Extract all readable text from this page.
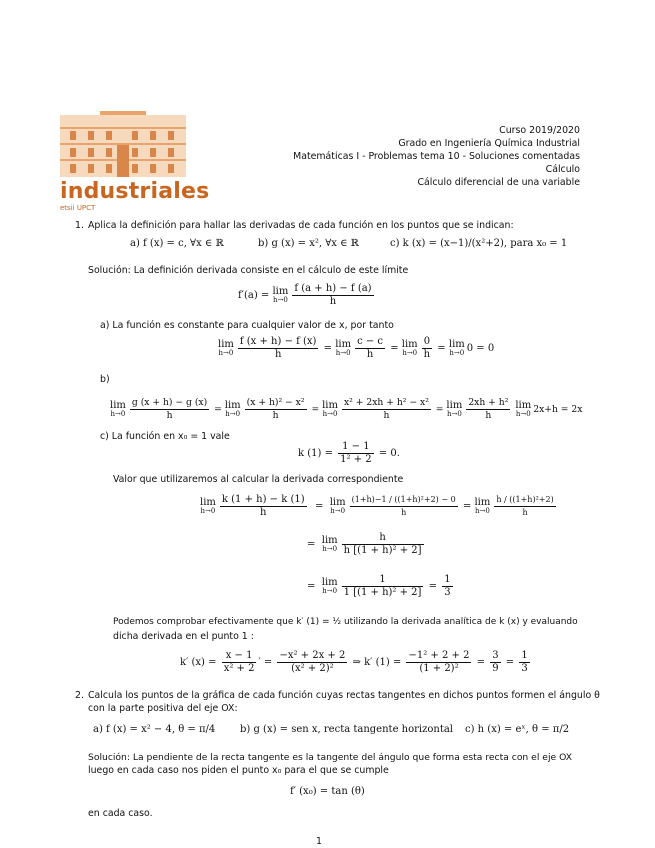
industriales
etsii UPCT
Curso 2019/2020
Grado en Ingeniería Química Industrial
Matemáticas I - Problemas tema 10 - Soluciones comentadas
Cálculo
Cálculo diferencial de una variable
1. Aplica la definición para hallar las derivadas de cada función en los puntos que se indican:
a) f (x) = c, ∀x ∈ ℝ	b) g (x) = x², ∀x ∈ ℝ	c) k (x) = (x−1)/(x²+2), para x₀ = 1
Solución: La definición derivada consiste en el cálculo de este límite
f′(a) = lim
$h\to 0 \frac{f (a + h) - f (a)}{h}$
a) La función es constante para cualquier valor de x, por tanto
lim
$h\to 0 \frac{f (x + h) - f (x)}{h} = \lim$
$h\to 0 \frac{c - c}{h} = \lim$
$h\to 0 \frac{0}{h} = \lim$
h→0 0 = 0
b)
lim
$h\to 0 \frac{g (x + h) - g (x)}{h} = \lim$
$h\to 0 \frac{\text{(x + h)² − x²}}{h} = \lim$
$h\to 0 \frac{\text{x² + 2xh + h² − x²}}{h} = \lim$
$h\to 0 \frac{\text{2xh + h²}}{h}$
lim
h→0 2x+h = 2x
c) La función en x₀ = 1 vale
k $(1) = \frac{1 - 1}{\text{1² + 2}} = 0$.
Valor que utilizaremos al calcular la derivada correspondiente
lim
$h\to 0 \frac{k (1 + h) - k (1)}{h} = \lim$
$h\to 0 \frac{\text{(1+h)−1 / ((1+h)²+2) − 0}}{h} = \lim$
$h\to 0 \frac{\text{h / ((1+h)²+2)}}{h}$
= lim
$h\to 0 \frac{h}{\text{h [(1 + h)² + 2]}}$
= lim
$h\to 0 \frac{1}{\text{1 [(1 + h)² + 2]}} = \frac{1}{3}$
Podemos comprobar efectivamente que k′ (1) = ½ utilizando la derivada analítica de k (x) y evaluando
dicha derivada en el punto 1 :
k′ $(x) = \frac{x - 1}{\text{x² + 2}}$ ′ = $\frac{\text{−x² + 2x + 2}}{\text{(x² + 2)²}}$ ⇒ k′ $(1) = \frac{\text{−1² + 2 + 2}}{\text{(1 + 2)²}} = \frac{3}{9} = \frac{1}{3}$
2. Calcula los puntos de la gráfica de cada función cuyas rectas tangentes en dichos puntos formen el ángulo θ
con la parte positiva del eje OX:
a) f (x) = x² − 4, θ = π/4 b) g (x) = sen x, recta tangente horizontal c) h (x) = eˣ, θ = π/2
Solución: La pendiente de la recta tangente es la tangente del ángulo que forma esta recta con el eje OX
luego en cada caso nos piden el punto x₀ para el que se cumple
f′ (x₀) = tan (θ)
en cada caso.
1
